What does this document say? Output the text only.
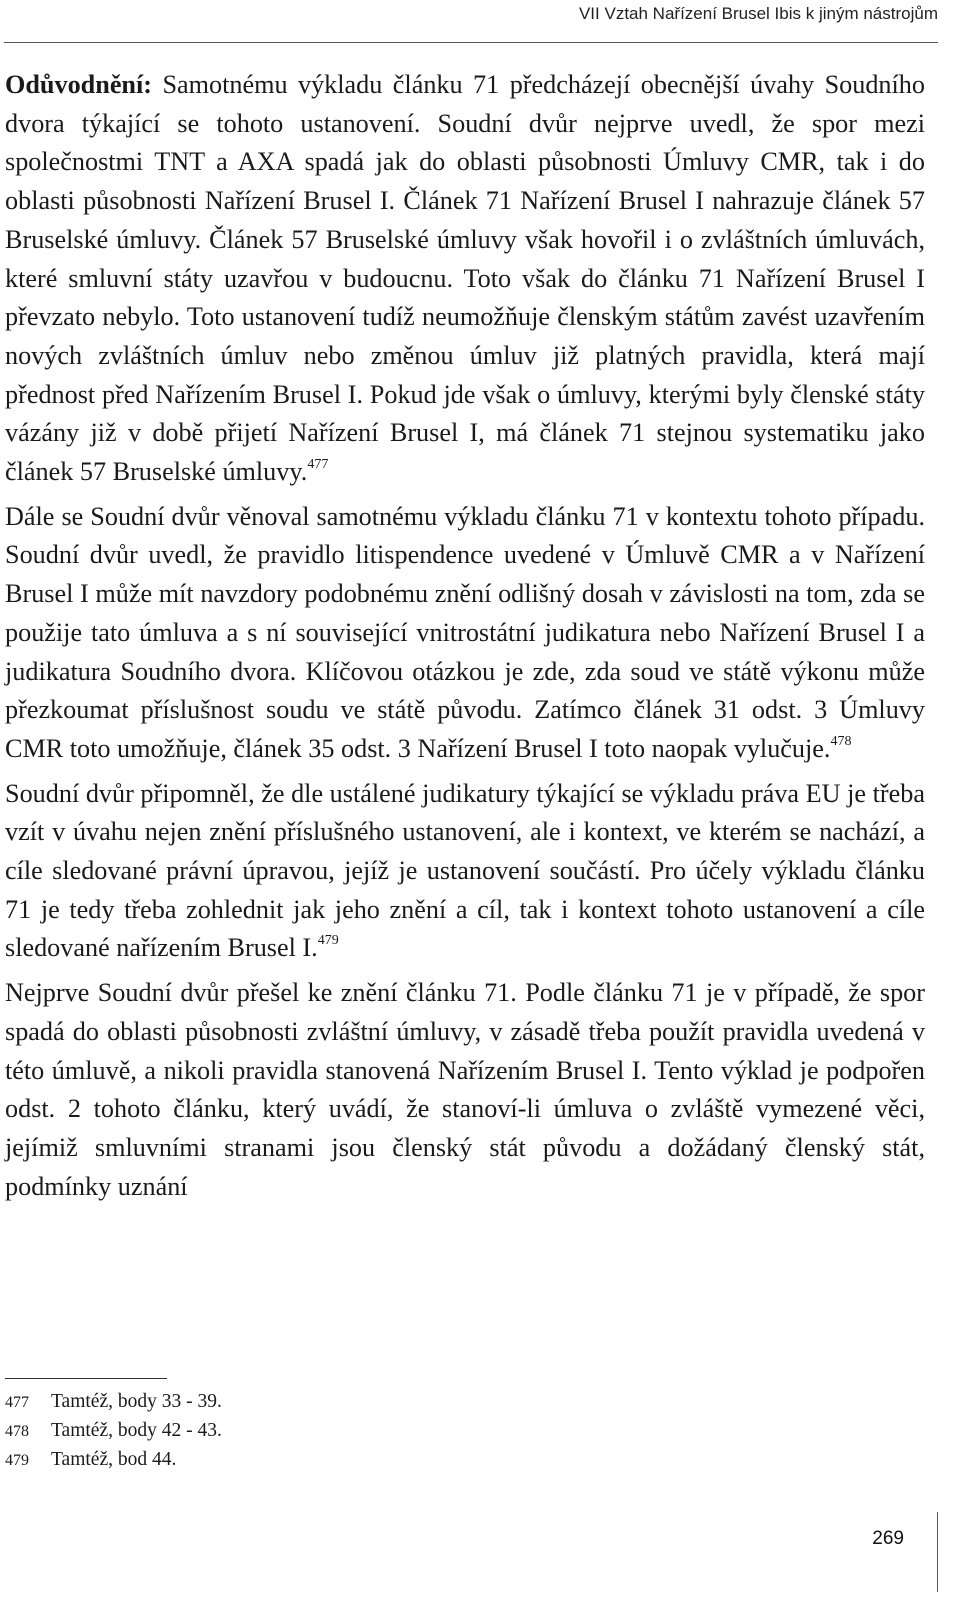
VII Vztah Nařízení Brusel Ibis k jiným nástrojům

Odůvodnění: Samotnému výkladu článku 71 předcházejí obecnější úvahy Soudního dvora týkající se tohoto ustanovení. Soudní dvůr nejprve uvedl, že spor mezi společnostmi TNT a AXA spadá jak do oblasti působnosti Úmluvy CMR, tak i do oblasti působnosti Nařízení Brusel I. Článek 71 Nařízení Brusel I nahrazuje článek 57 Bruselské úmluvy. Článek 57 Bruselské úmluvy však hovořil i o zvláštních úmluvách, které smluvní státy uzavřou v budoucnu. Toto však do článku 71 Nařízení Brusel I převzato nebylo. Toto ustanovení tudíž neumožňuje členským státům zavést uzavřením nových zvláštních úmluv nebo změnou úmluv již platných pravidla, která mají přednost před Nařízením Brusel I. Pokud jde však o úmluvy, kterými byly členské státy vázány již v době přijetí Nařízení Brusel I, má článek 71 stejnou systematiku jako článek 57 Bruselské úmluvy.$^{477}$

Dále se Soudní dvůr věnoval samotnému výkladu článku 71 v kontextu tohoto případu. Soudní dvůr uvedl, že pravidlo litispendence uvedené v Úmluvě CMR a v Nařízení Brusel I může mít navzdory podobnému znění odlišný dosah v závislosti na tom, zda se použije tato úmluva a s ní související vnitrostátní judikatura nebo Nařízení Brusel I a judikatura Soudního dvora. Klíčovou otázkou je zde, zda soud ve státě výkonu může přezkoumat příslušnost soudu ve státě původu. Zatímco článek 31 odst. 3 Úmluvy CMR toto umožňuje, článek 35 odst. 3 Nařízení Brusel I toto naopak vylučuje.$^{478}$

Soudní dvůr připomněl, že dle ustálené judikatury týkající se výkladu práva EU je třeba vzít v úvahu nejen znění příslušného ustanovení, ale i kontext, ve kterém se nachází, a cíle sledované právní úpravou, jejíž je ustanovení součástí. Pro účely výkladu článku 71 je tedy třeba zohlednit jak jeho znění a cíl, tak i kontext tohoto ustanovení a cíle sledované nařízením Brusel I.$^{479}$

Nejprve Soudní dvůr přešel ke znění článku 71. Podle článku 71 je v případě, že spor spadá do oblasti působnosti zvláštní úmluvy, v zásadě třeba použít pravidla uvedená v této úmluvě, a nikoli pravidla stanovená Nařízením Brusel I. Tento výklad je podpořen odst. 2 tohoto článku, který uvádí, že stanoví-li úmluva o zvláště vymezené věci, jejímiž smluvními stranami jsou členský stát původu a dožádaný členský stát, podmínky uznání

477	Tamtéž, body 33 - 39.
478	Tamtéž, body 42 - 43.
479	Tamtéž, bod 44.
269
